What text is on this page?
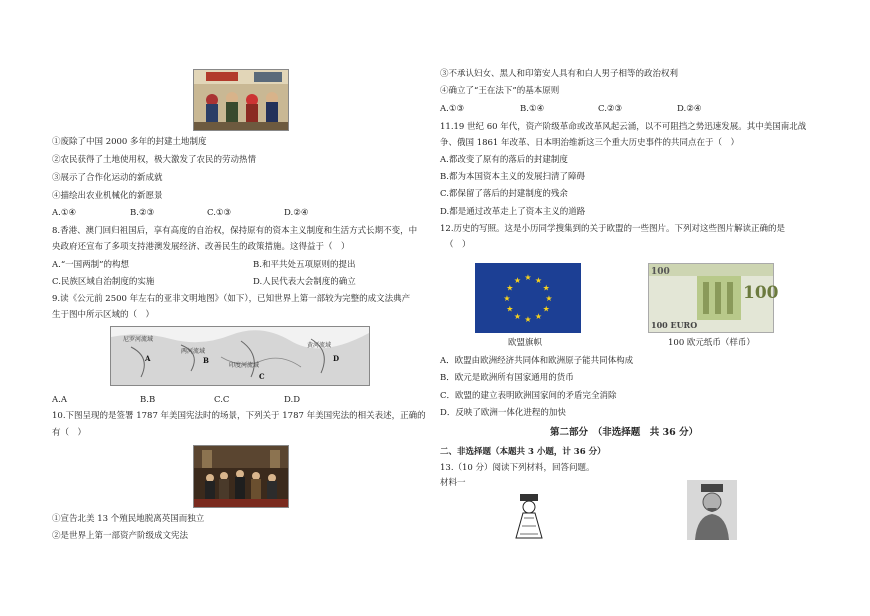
①废除了中国 2000 多年的封建土地制度
②农民获得了土地使用权，极大激发了农民的劳动热情
③展示了合作化运动的新成就
④描绘出农业机械化的新愿景
A.①④	B.②③	C.①③	D.②④
8.香港、澳门回归祖国后，享有高度的自治权，保持原有的资本主义制度和生活方式长期不变，中
央政府还宣布了多项支持港澳发展经济、改善民生的政策措施。这得益于（　）
A.“一国两制”的构想	B.和平共处五项原则的提出
C.民族区域自治制度的实施	D.人民代表大会制度的确立
9.读《公元前 2500 年左右的亚非文明地图》（如下），已知世界上第一部较为完整的成文法典产
生于图中所示区域的（　）
尼罗河流域
两河流域
印度河流域
黄河流域
A	B
C
D
A.A	B.B	C.C	D.D
10.下图呈现的是签署 1787 年美国宪法时的场景，下列关于 1787 年美国宪法的相关表述，正确的
有（　）
①宣告北美 13 个殖民地脱离英国而独立
②是世界上第一部资产阶级成文宪法
③不承认妇女、黑人和印第安人具有和白人男子相等的政治权利
④确立了“王在法下”的基本原则
A.①③	B.①④	C.②③	D.②④
11.19 世纪 60 年代，资产阶级革命或改革风起云涌，以不可阻挡之势迅速发展。其中美国南北战
争、俄国 1861 年改革、日本明治维新这三个重大历史事件的共同点在于（　）
A.都改变了原有的落后的封建制度
B.都为本国资本主义的发展扫清了障碍
C.都保留了落后的封建制度的残余
D.都是通过改革走上了资本主义的道路
12.历史的写照。这是小历同学搜集到的关于欧盟的一些图片。下列对这些图片解读正确的是
（　）
★ ★
★
★
★
★
★
★
★
★
★
★
欧盟旗帜
100
100
100 EURO
100 欧元纸币（样币）
A．欧盟由欧洲经济共同体和欧洲原子能共同体构成
B．欧元是欧洲所有国家通用的货币
C．欧盟的建立表明欧洲国家间的矛盾完全消除
D．反映了欧洲一体化进程的加快
第二部分　（非选择题　共 36 分）
二、非选择题（本题共 3 小题，计 36 分）
13.（10 分）阅读下列材料，回答问题。
材料一
